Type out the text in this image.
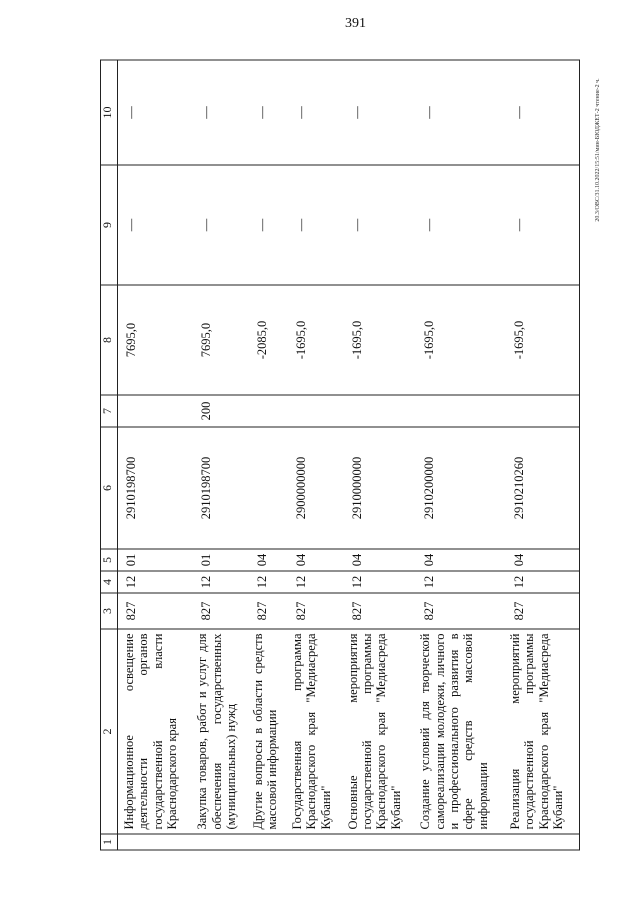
391
20.3/ОВС/31.10.2022/15:51/мин-БЮДЖЕТ-2 чтение-2 ч.
1	2	3	4	5	6	7	8	9	10
	Информационное освещение деятельности органов государственной власти Краснодарского края	827	12	01	2910198700		7695,0	—	—
	Закупка товаров, работ и услуг для обеспечения государственных (муниципальных) нужд	827	12	01	2910198700	200	7695,0	—	—
	Другие вопросы в области средств массовой информации	827	12	04			-2085,0	—	—
	Государственная программа Краснодарского края "Медиасреда Кубани"	827	12	04	2900000000		-1695,0	—	—
	Основные мероприятия государственной программы Краснодарского края "Медиасреда Кубани"	827	12	04	2910000000		-1695,0	—	—
	Создание условий для творческой самореализации молодежи, личного и профессионального развития в сфере средств массовой информации	827	12	04	2910200000		-1695,0	—	—
	Реализация мероприятий государственной программы Краснодарского края "Медиасреда Кубани"	827	12	04	2910210260		-1695,0	—	—
